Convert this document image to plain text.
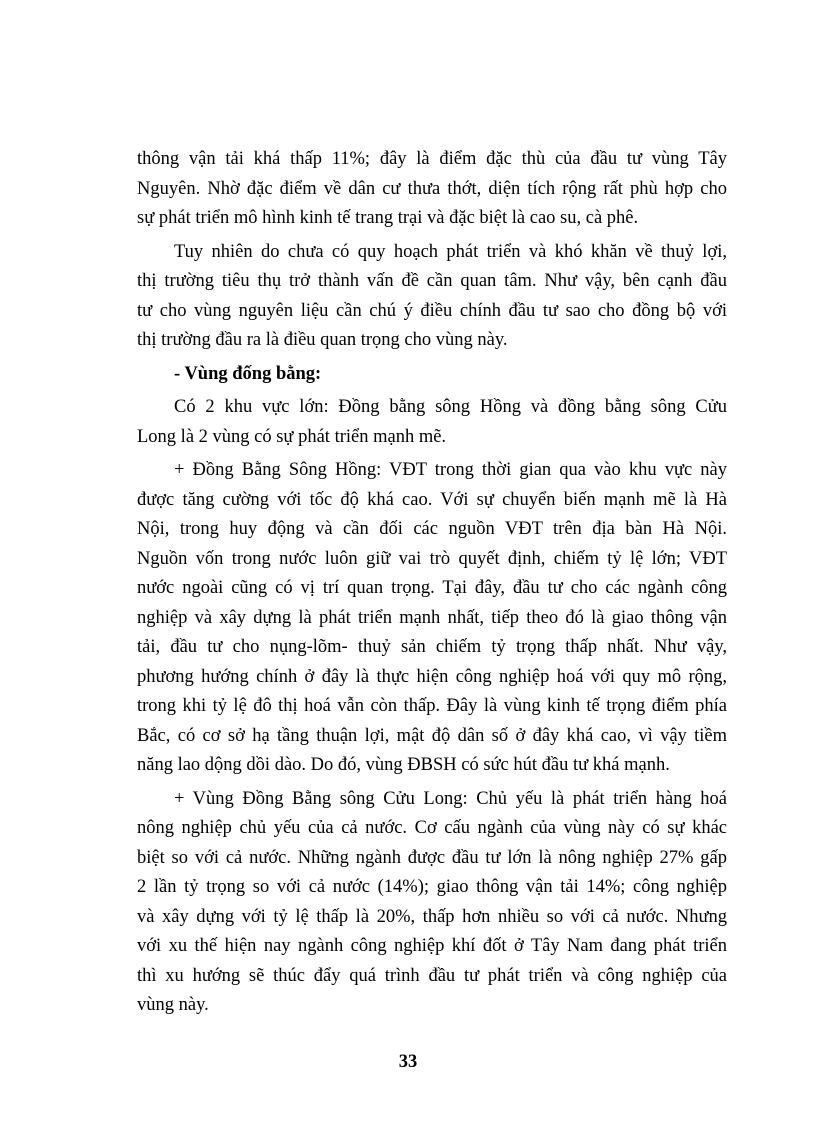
thông vận tải khá thấp 11%; đây là điểm đặc thù của đầu tư vùng Tây
Nguyên. Nhờ đặc điểm về dân cư thưa thớt, diện tích rộng rất phù hợp cho
sự phát triển mô hình kinh tế trang trại và đặc biệt là cao su, cà phê.
Tuy nhiên do chưa có quy hoạch phát triển và khó khăn về thuỷ lợi,
thị trường tiêu thụ trở thành vấn đề cần quan tâm. Như vậy, bên cạnh đầu
tư cho vùng nguyên liệu cần chú ý điều chính đầu tư sao cho đồng bộ với
thị trường đầu ra là điều quan trọng cho vùng này.
- Vùng đống bằng:
Có 2 khu vực lớn: Đồng bằng sông Hồng và đồng bằng sông Cửu
Long là 2 vùng có sự phát triển mạnh mẽ.
+ Đồng Bằng Sông Hồng: VĐT trong thời gian qua vào khu vực này
được tăng cường với tốc độ khá cao. Với sự chuyển biến mạnh mẽ là Hà
Nội, trong huy động và cần đối các nguồn VĐT trên địa bàn Hà Nội.
Nguồn vốn trong nước luôn giữ vai trò quyết định, chiếm tỷ lệ lớn; VĐT
nước ngoài cũng có vị trí quan trọng. Tại đây, đầu tư cho các ngành công
nghiệp và xây dựng là phát triển mạnh nhất, tiếp theo đó là giao thông vận
tải, đầu tư cho nụng-lõm- thuỷ sản chiếm tỷ trọng thấp nhất. Như vậy,
phương hướng chính ở đây là thực hiện công nghiệp hoá với quy mô rộng,
trong khi tỷ lệ đô thị hoá vẫn còn thấp. Đây là vùng kinh tế trọng điểm phía
Bắc, có cơ sở hạ tầng thuận lợi, mật độ dân số ở đây khá cao, vì vậy tiềm
năng lao dộng dồi dào. Do đó, vùng ĐBSH có sức hút đầu tư khá mạnh.
+ Vùng Đồng Bằng sông Cửu Long: Chủ yếu là phát triển hàng hoá
nông nghiệp chủ yếu của cả nước. Cơ cấu ngành của vùng này có sự khác
biệt so với cả nước. Những ngành được đầu tư lớn là nông nghiệp 27% gấp
2 lần tỷ trọng so với cả nước (14%); giao thông vận tải 14%; công nghiệp
và xây dựng với tỷ lệ thấp là 20%, thấp hơn nhiều so với cả nước. Nhưng
với xu thế hiện nay ngành công nghiệp khí đốt ở Tây Nam đang phát triển
thì xu hướng sẽ thúc đẩy quá trình đầu tư phát triển và công nghiệp của
vùng này.
33
